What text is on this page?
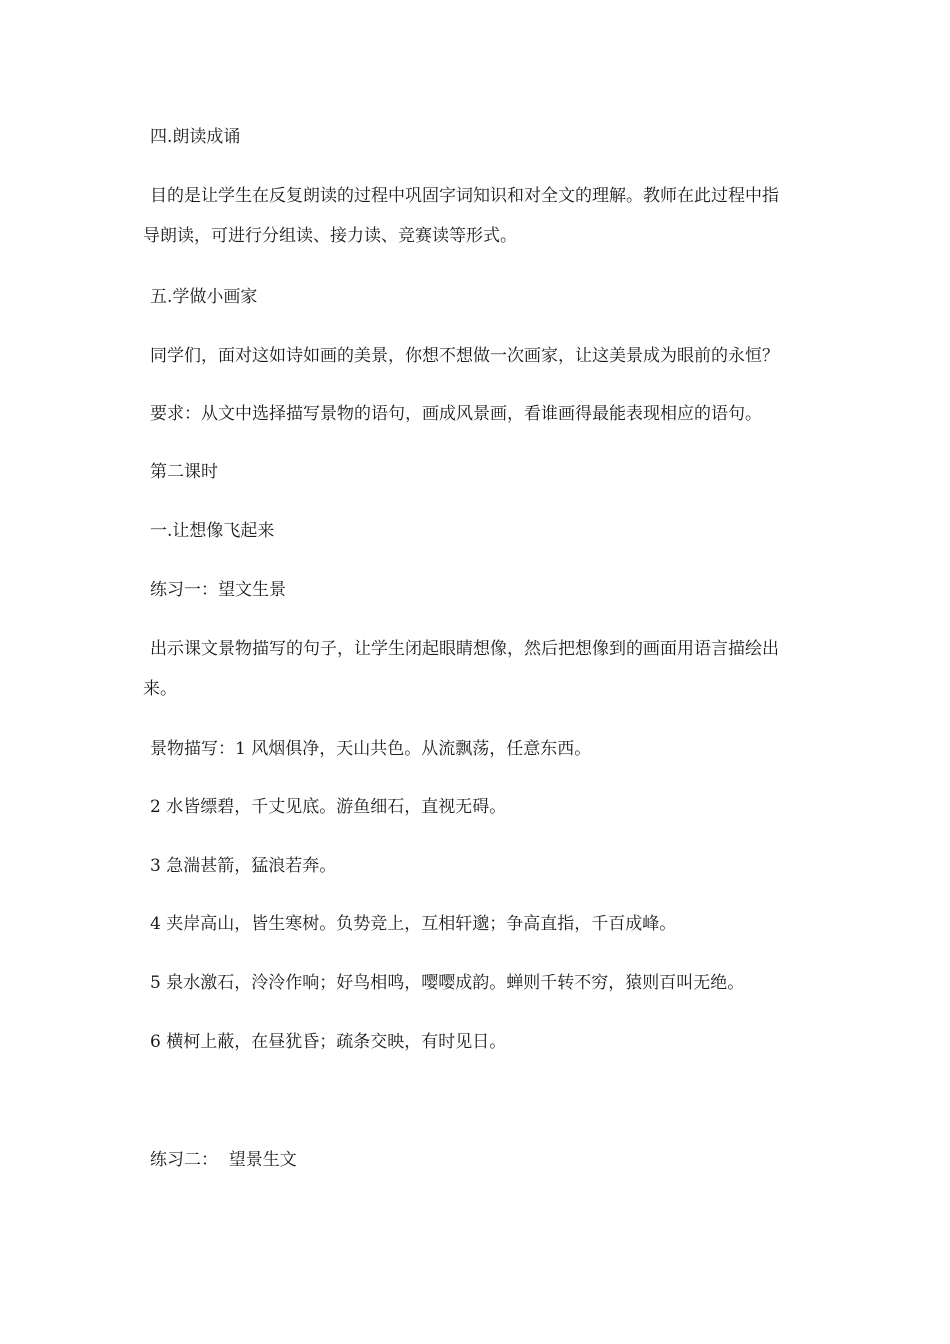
四.朗读成诵
目的是让学生在反复朗读的过程中巩固字词知识和对全文的理解。教师在此过程中指
导朗读，可进行分组读、接力读、竞赛读等形式。
五.学做小画家
同学们，面对这如诗如画的美景，你想不想做一次画家，让这美景成为眼前的永恒？
要求：从文中选择描写景物的语句，画成风景画，看谁画得最能表现相应的语句。
第二课时
一.让想像飞起来
练习一：望文生景
出示课文景物描写的句子，让学生闭起眼睛想像，然后把想像到的画面用语言描绘出
来。
景物描写：1 风烟俱净，天山共色。从流飘荡，任意东西。
2 水皆缥碧，千丈见底。游鱼细石，直视无碍。
3 急湍甚箭，猛浪若奔。
4 夹岸高山，皆生寒树。负势竞上，互相轩邈；争高直指，千百成峰。
5 泉水激石，泠泠作响；好鸟相鸣，嘤嘤成韵。蝉则千转不穷，猿则百叫无绝。
6 横柯上蔽，在昼犹昏；疏条交映，有时见日。
练习二：  望景生文
